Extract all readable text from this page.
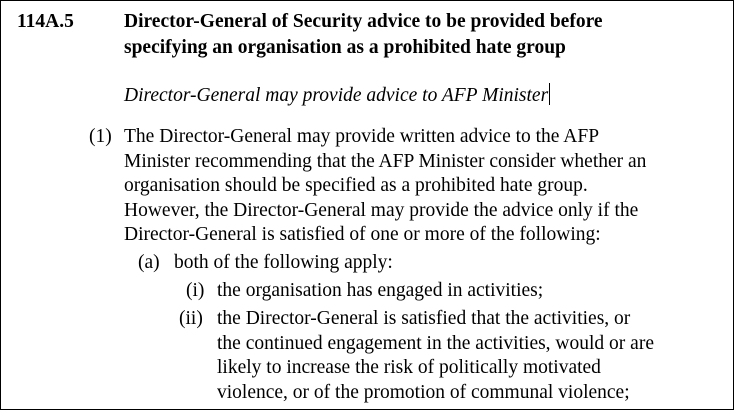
114A.5	Director-General of Security advice to be provided before
specifying an organisation as a prohibited hate group
Director-General may provide advice to AFP Minister
(1) The Director-General may provide written advice to the AFP
Minister recommending that the AFP Minister consider whether an
organisation should be specified as a prohibited hate group.
However, the Director-General may provide the advice only if the
Director-General is satisfied of one or more of the following:
(a) both of the following apply:
(i) the organisation has engaged in activities;
(ii) the Director-General is satisfied that the activities, or
the continued engagement in the activities, would or are
likely to increase the risk of politically motivated
violence, or of the promotion of communal violence;
